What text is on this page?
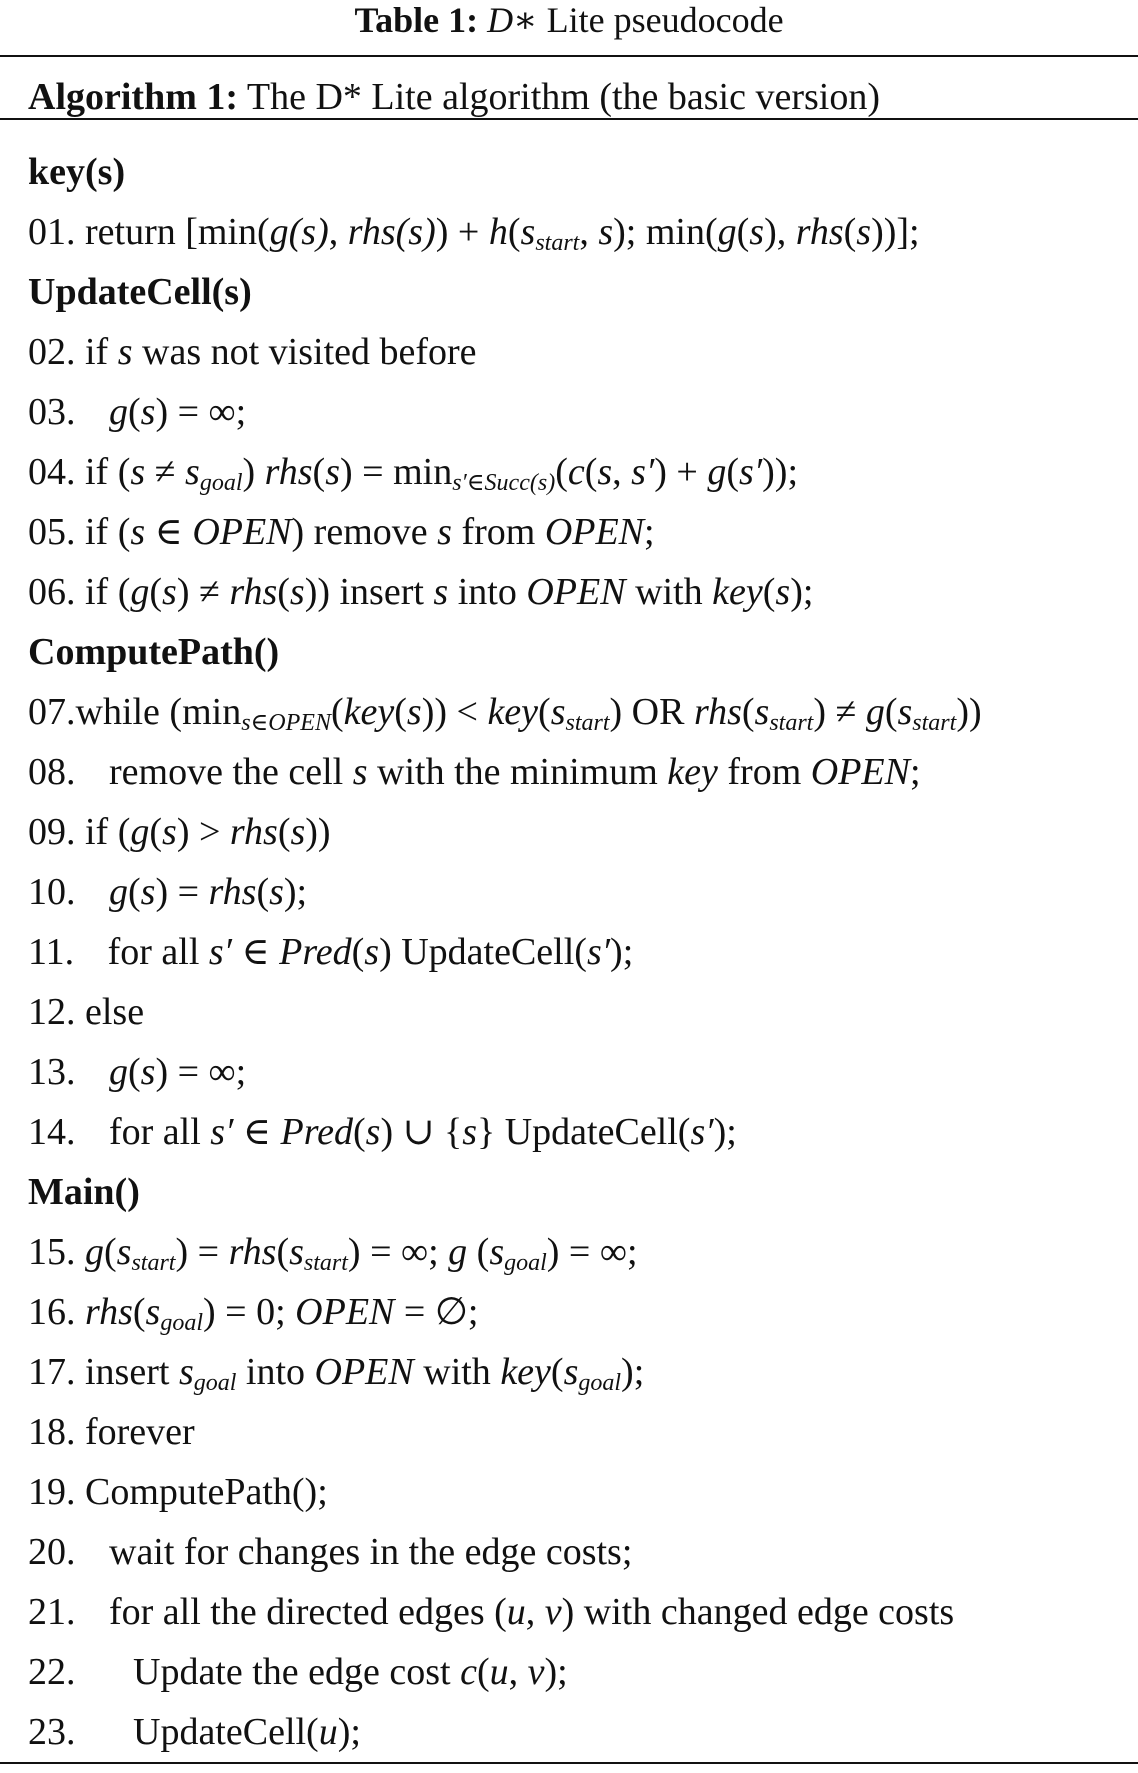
Table 1: D∗ Lite pseudocode
Algorithm 1: The D* Lite algorithm (the basic version)
key(s)
01. return [min(g(s), $rhs(s)) + h(s_{start}$, s); min(g(s), rhs(s))];
UpdateCell(s)
02. if s was not visited before
03. g(s) = ∞;
04. if $(s \ne s_{goal})$ $rhs(s) = \min_{s'\in Succ(s)}(c(s$, s′) + g(s′));
05. if (s ∈ OPEN) remove s from OPEN;
06. if (g(s) ≠ rhs(s)) insert s into OPEN with key(s);
ComputePath()
07.while ($\min_{s\in OPEN}(key(s)) < key(s_{start})$ OR $rhs(s_{start}) \ne g(s_{start})$)
08. remove the cell s with the minimum key from OPEN;
09. if (g(s) > rhs(s))
10. g(s) = rhs(s);
11. for all s′ ∈ Pred(s) UpdateCell(s′);
12. else
13. g(s) = ∞;
14. for all s′ ∈ Pred(s) ∪ {s} UpdateCell(s′);
Main()
15. $g(s_{start}) = rhs(s_{start})$ = ∞; g $(s_{goal})$ = ∞;
16. $rhs(s_{goal}) = 0$; OPEN = ∅;
17. insert $s_{goal}$ into OPEN with $key(s_{goal})$;
18. forever
19. ComputePath();
20. wait for changes in the edge costs;
21. for all the directed edges (u, v) with changed edge costs
22. Update the edge cost c(u, v);
23. UpdateCell(u);
